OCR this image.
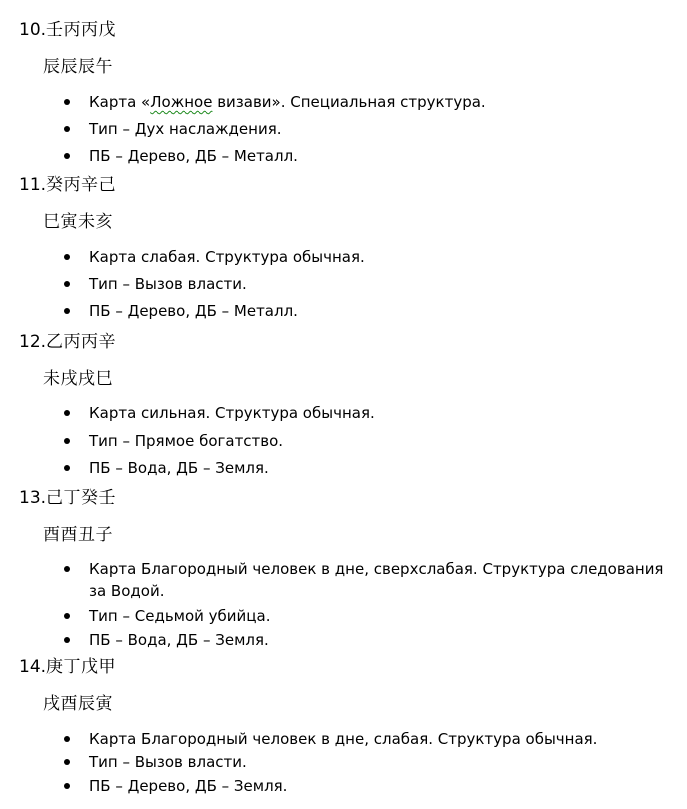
10.壬丙丙戊
辰辰辰午
Карта «Ложное визави». Специальная структура.
Тип – Дух наслаждения.
ПБ – Дерево, ДБ – Металл.
11.癸丙辛己
巳寅未亥
Карта слабая. Структура обычная.
Тип – Вызов власти.
ПБ – Дерево, ДБ – Металл.
12.乙丙丙辛
未戌戌巳
Карта сильная. Структура обычная.
Тип – Прямое богатство.
ПБ – Вода, ДБ – Земля.
13.己丁癸壬
酉酉丑子
Карта Благородный человек в дне, сверхслабая. Структура следования за Водой.
Тип – Седьмой убийца.
ПБ – Вода, ДБ – Земля.
14.庚丁戊甲
戌酉辰寅
Карта Благородный человек в дне, слабая. Структура обычная.
Тип – Вызов власти.
ПБ – Дерево, ДБ – Земля.
